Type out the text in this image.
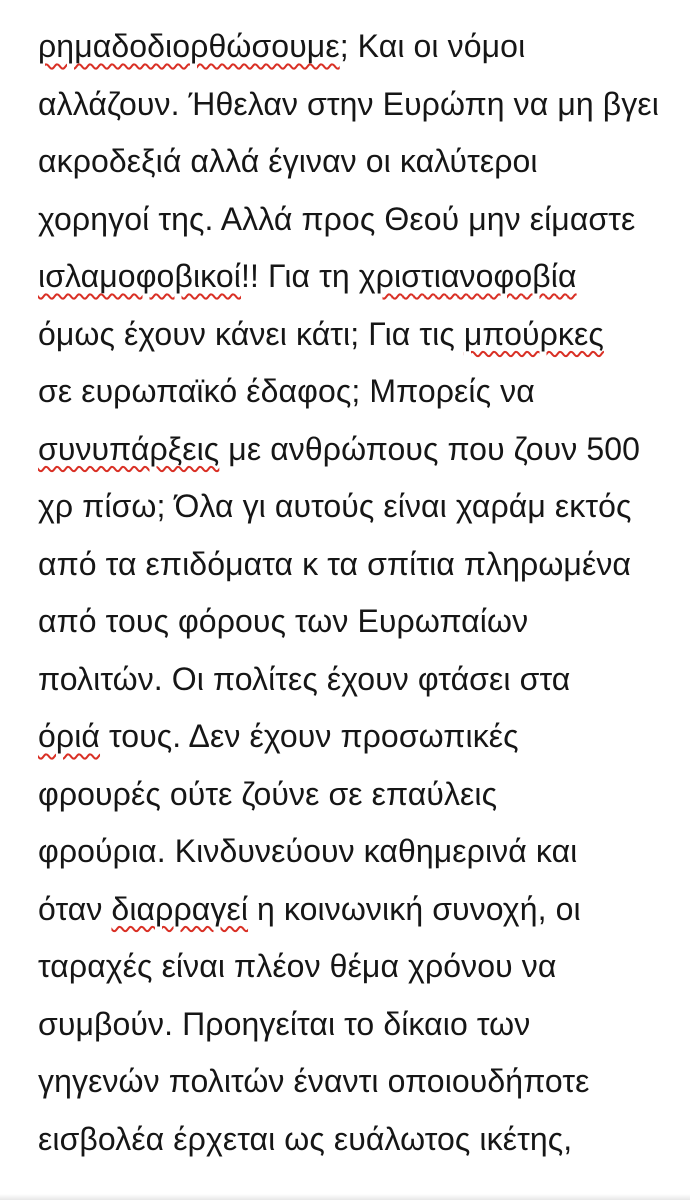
ρημαδοδιορθώσουμε; Και οι νόμοι
αλλάζουν. Ήθελαν στην Ευρώπη να μη βγει
ακροδεξιά αλλά έγιναν οι καλύτεροι
χορηγοί της. Αλλά προς Θεού μην είμαστε
ισλαμοφοβικοί!! Για τη χριστιανοφοβία
όμως έχουν κάνει κάτι; Για τις μπούρκες
σε ευρωπαϊκό έδαφος; Μπορείς να
συνυπάρξεις με ανθρώπους που ζουν 500
χρ πίσω; Όλα γι αυτούς είναι χαράμ εκτός
από τα επιδόματα κ τα σπίτια πληρωμένα
από τους φόρους των Ευρωπαίων
πολιτών. Οι πολίτες έχουν φτάσει στα
όριά τους. Δεν έχουν προσωπικές
φρουρές ούτε ζούνε σε επαύλεις
φρούρια. Κινδυνεύουν καθημερινά και
όταν διαρραγεί η κοινωνική συνοχή, οι
ταραχές είναι πλέον θέμα χρόνου να
συμβούν. Προηγείται το δίκαιο των
γηγενών πολιτών έναντι οποιουδήποτε
εισβολέα έρχεται ως ευάλωτος ικέτης,
